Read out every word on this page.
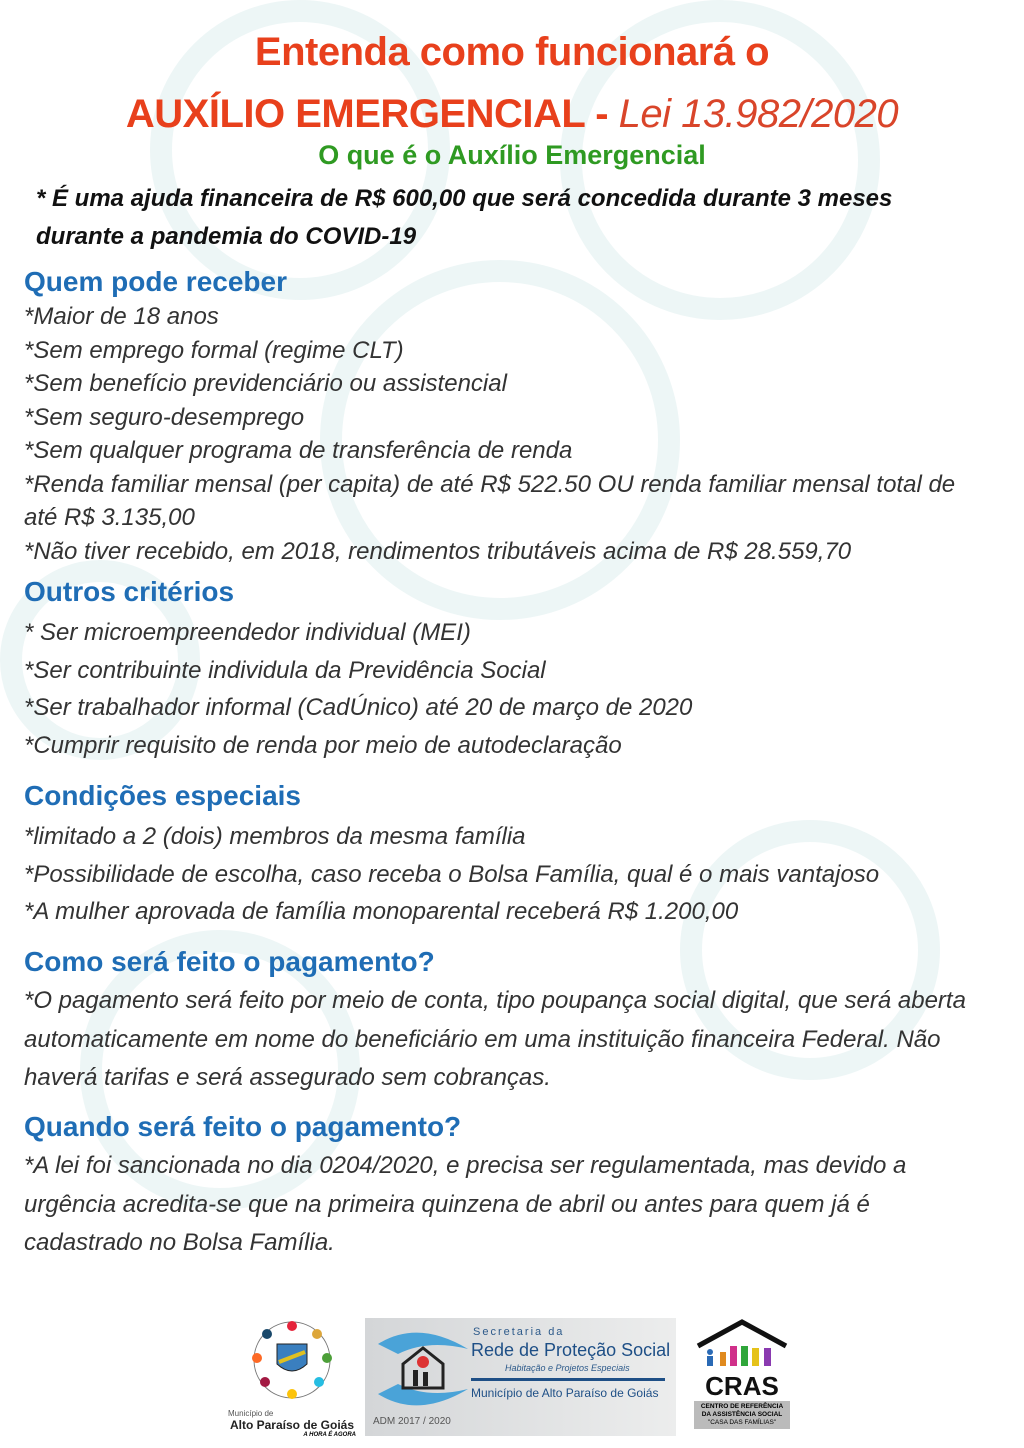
Entenda como funcionará o
AUXÍLIO EMERGENCIAL - Lei 13.982/2020
O que é o Auxílio Emergencial
* É uma ajuda financeira de R$ 600,00 que será concedida durante 3 meses durante a pandemia do COVID-19
Quem pode receber
*Maior de 18 anos
*Sem emprego formal (regime CLT)
*Sem benefício previdenciário ou assistencial
*Sem seguro-desemprego
*Sem qualquer programa de transferência de renda
*Renda familiar mensal (per capita) de até R$ 522.50 OU renda familiar mensal total de até R$ 3.135,00
*Não tiver recebido, em 2018, rendimentos tributáveis acima de R$ 28.559,70
Outros critérios
* Ser microempreendedor individual (MEI)
*Ser contribuinte individula da Previdência Social
*Ser trabalhador informal (CadÚnico) até 20 de março de 2020
*Cumprir requisito de renda por meio de autodeclaração
Condições especiais
*limitado a 2 (dois) membros da mesma família
*Possibilidade de escolha, caso receba o Bolsa Família, qual é o mais vantajoso
*A mulher aprovada de família monoparental receberá R$ 1.200,00
Como será feito o pagamento?
*O pagamento será feito por meio de conta, tipo poupança social digital, que será aberta automaticamente em nome do beneficiário em uma instituição financeira Federal. Não haverá tarifas e será assegurado sem cobranças.
Quando será feito o pagamento?
*A lei foi sancionada no dia 0204/2020, e precisa ser regulamentada, mas devido a urgência acredita-se que na primeira quinzena de abril ou antes para quem já é cadastrado no Bolsa Família.
Município de
Alto Paraíso de Goiás
A HORA É AGORA
Secretaria da
Rede de Proteção Social
Habitação e Projetos Especiais
Município de Alto Paraíso de Goiás
ADM 2017 / 2020
CRAS
CENTRO DE REFERÊNCIA
DA ASSISTÊNCIA SOCIAL
"CASA DAS FAMÍLIAS"
